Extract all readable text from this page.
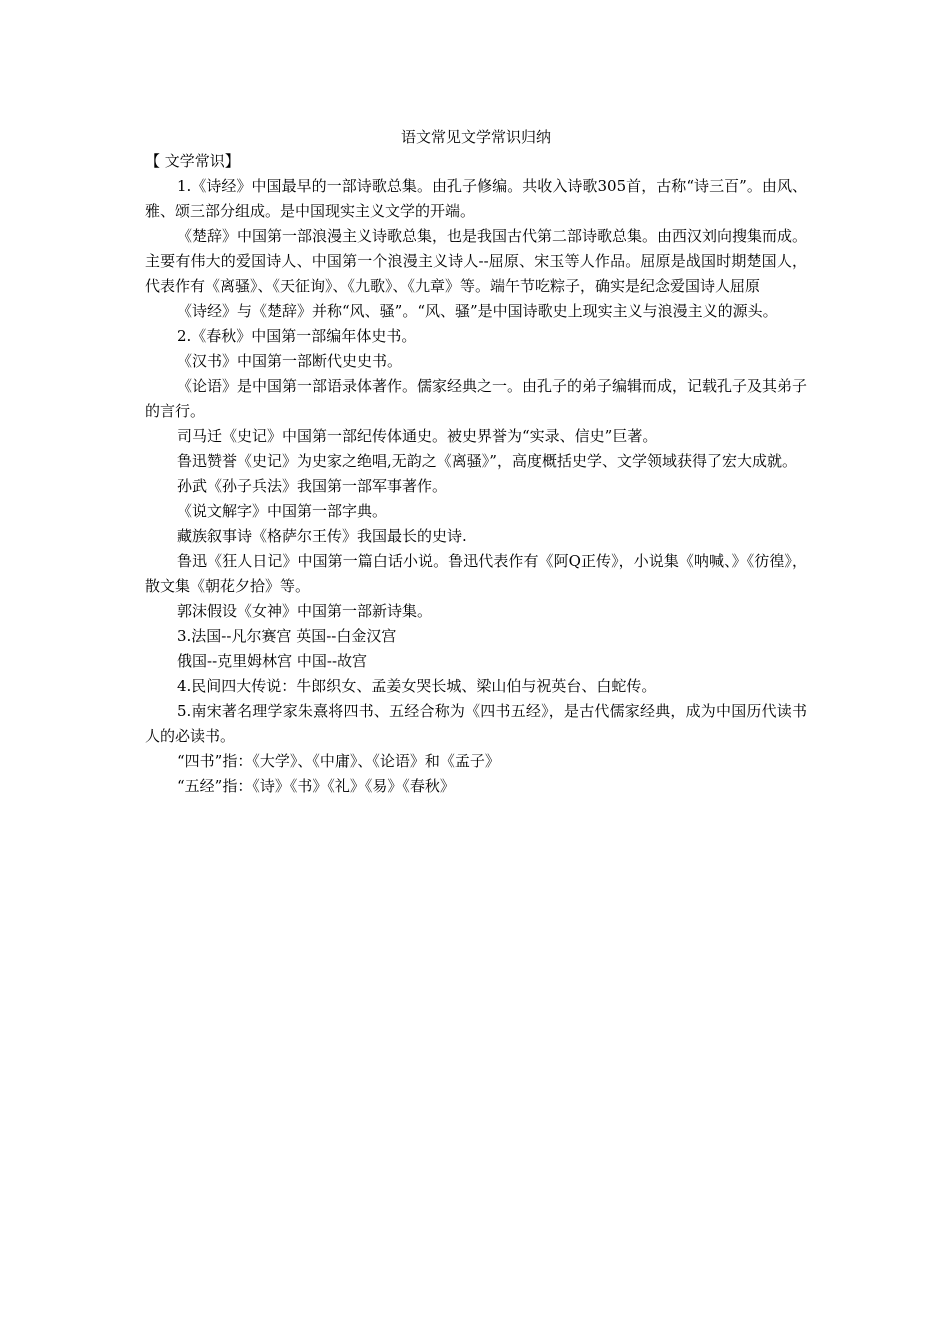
语文常见文学常识归纳

【 文学常识】

1.《诗经》中国最早的一部诗歌总集。由孔子修编。共收入诗歌305首，古称“诗三百”。由风、雅、颂三部分组成。是中国现实主义文学的开端。

《楚辞》中国第一部浪漫主义诗歌总集，也是我国古代第二部诗歌总集。由西汉刘向搜集而成。主要有伟大的爱国诗人、中国第一个浪漫主义诗人--屈原、宋玉等人作品。屈原是战国时期楚国人，代表作有《离骚》、《天征询》、《九歌》、《九章》等。端午节吃粽子，确实是纪念爱国诗人屈原

《诗经》与《楚辞》并称“风、骚”。“风、骚”是中国诗歌史上现实主义与浪漫主义的源头。

2.《春秋》中国第一部编年体史书。

《汉书》中国第一部断代史史书。

《论语》是中国第一部语录体著作。儒家经典之一。由孔子的弟子编辑而成，记载孔子及其弟子的言行。

司马迁《史记》中国第一部纪传体通史。被史界誉为“实录、信史”巨著。

鲁迅赞誉《史记》为史家之绝唱,无韵之《离骚》”，高度概括史学、文学领域获得了宏大成就。

孙武《孙子兵法》我国第一部军事著作。

《说文解字》中国第一部字典。

藏族叙事诗《格萨尔王传》我国最长的史诗.

鲁迅《狂人日记》中国第一篇白话小说。鲁迅代表作有《阿Q正传》，小说集《呐喊、》《彷徨》，散文集《朝花夕拾》等。

郭沫假设《女神》中国第一部新诗集。

3.法国--凡尔赛宫 英国--白金汉宫

俄国--克里姆林宫 中国--故宫

4.民间四大传说：牛郎织女、孟姜女哭长城、梁山伯与祝英台、白蛇传。

5.南宋著名理学家朱熹将四书、五经合称为《四书五经》，是古代儒家经典，成为中国历代读书人的必读书。

“四书”指：《大学》、《中庸》、《论语》和《孟子》

“五经”指：《诗》《书》《礼》《易》《春秋》
